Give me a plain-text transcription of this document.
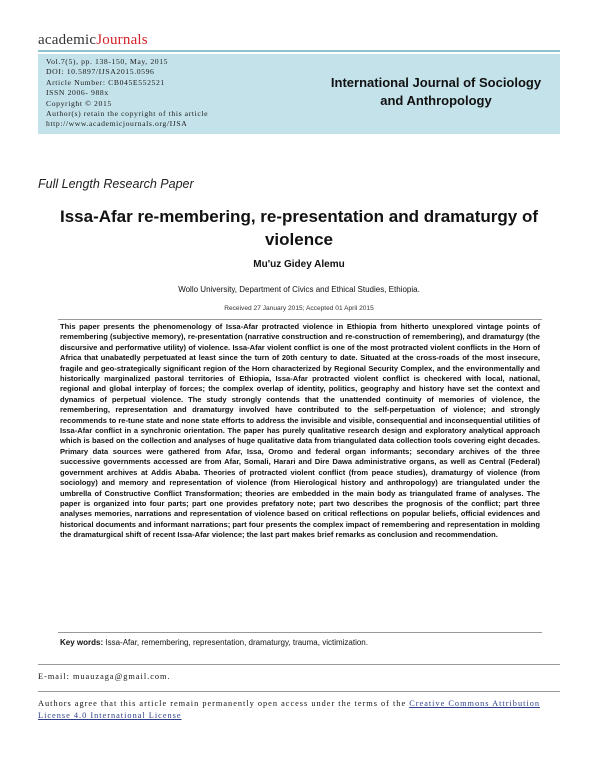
academicJournals
Vol.7(5), pp. 138-150, May, 2015
DOI: 10.5897/IJSA2015.0596
Article Number: CB045E552521
ISSN 2006- 988x
Copyright © 2015
Author(s) retain the copyright of this article
http://www.academicjournals.org/IJSA
International Journal of Sociology and Anthropology
Full Length Research Paper
Issa-Afar re-membering, re-presentation and dramaturgy of violence
Mu'uz Gidey Alemu
Wollo University, Department of Civics and Ethical Studies, Ethiopia.
Received 27 January 2015; Accepted 01 April 2015
This paper presents the phenomenology of Issa-Afar protracted violence in Ethiopia from hitherto unexplored vintage points of remembering (subjective memory), re-presentation (narrative construction and re-construction of remembering), and dramaturgy (the discursive and performative utility) of violence. Issa-Afar violent conflict is one of the most protracted violent conflicts in the Horn of Africa that unabatedly perpetuated at least since the turn of 20th century to date. Situated at the cross-roads of the most insecure, fragile and geo-strategically significant region of the Horn characterized by Regional Security Complex, and the environmentally and historically marginalized pastoral territories of Ethiopia, Issa-Afar protracted violent conflict is checkered with local, national, regional and global interplay of forces; the complex overlap of identity, politics, geography and history have set the context and dynamics of perpetual violence. The study strongly contends that the unattended continuity of memories of violence, the remembering, representation and dramaturgy involved have contributed to the self-perpetuation of violence; and strongly recommends to re-tune state and none state efforts to address the invisible and visible, consequential and inconsequential utilities of Issa-Afar conflict in a synchronic orientation. The paper has purely qualitative research design and exploratory analytical approach which is based on the collection and analyses of huge qualitative data from triangulated data collection tools covering eight decades. Primary data sources were gathered from Afar, Issa, Oromo and federal organ informants; secondary archives of the three successive governments accessed are from Afar, Somali, Harari and Dire Dawa administrative organs, as well as Central (Federal) government archives at Addis Ababa. Theories of protracted violent conflict (from peace studies), dramaturgy of violence (from sociology) and memory and representation of violence (from Hierological history and anthropology) are triangulated under the umbrella of Constructive Conflict Transformation; theories are embedded in the main body as triangulated frame of analyses. The paper is organized into four parts; part one provides prefatory note; part two describes the prognosis of the conflict; part three analyses memories, narrations and representation of violence based on critical reflections on popular beliefs, official evidences and historical documents and informant narrations; part four presents the complex impact of remembering and representation in molding the dramaturgical shift of recent Issa-Afar violence; the last part makes brief remarks as conclusion and recommendation.
Key words: Issa-Afar, remembering, representation, dramaturgy, trauma, victimization.
E-mail: muauzaga@gmail.com.
Authors agree that this article remain permanently open access under the terms of the Creative Commons Attribution License 4.0 International License
